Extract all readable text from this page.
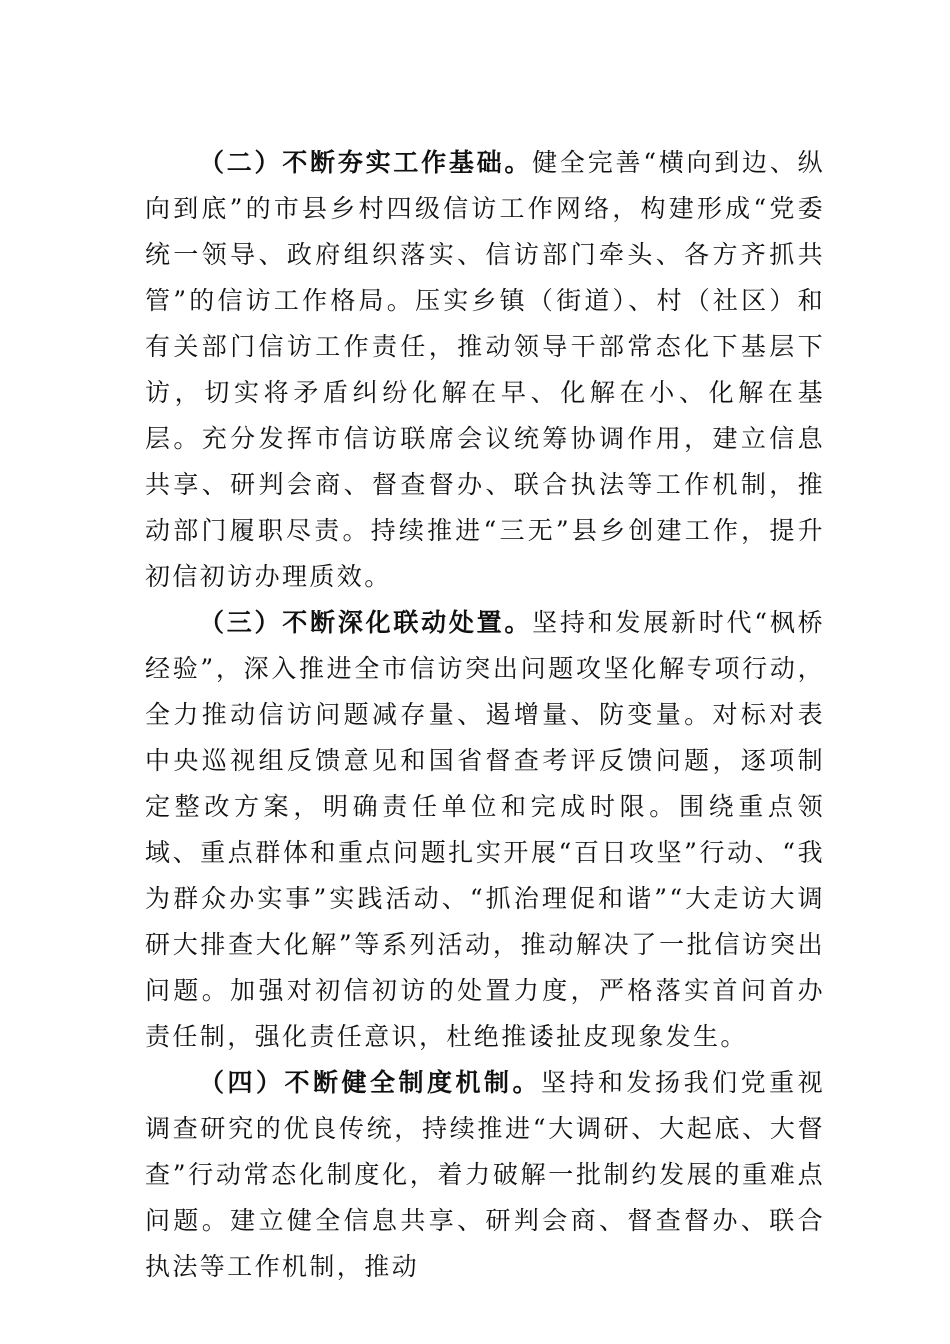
（二）不断夯实工作基础。健全完善“横向到边、纵向到底”的市县乡村四级信访工作网络，构建形成“党委统一领导、政府组织落实、信访部门牵头、各方齐抓共管”的信访工作格局。压实乡镇（街道）、村（社区）和有关部门信访工作责任，推动领导干部常态化下基层下访，切实将矛盾纠纷化解在早、化解在小、化解在基层。充分发挥市信访联席会议统筹协调作用，建立信息共享、研判会商、督查督办、联合执法等工作机制，推动部门履职尽责。持续推进“三无”县乡创建工作，提升初信初访办理质效。

（三）不断深化联动处置。坚持和发展新时代“枫桥经验”，深入推进全市信访突出问题攻坚化解专项行动，全力推动信访问题减存量、遏增量、防变量。对标对表中央巡视组反馈意见和国省督查考评反馈问题，逐项制定整改方案，明确责任单位和完成时限。围绕重点领域、重点群体和重点问题扎实开展“百日攻坚”行动、“我为群众办实事”实践活动、“抓治理促和谐”“大走访大调研大排查大化解”等系列活动，推动解决了一批信访突出问题。加强对初信初访的处置力度，严格落实首问首办责任制，强化责任意识，杜绝推诿扯皮现象发生。

（四）不断健全制度机制。坚持和发扬我们党重视调查研究的优良传统，持续推进“大调研、大起底、大督查”行动常态化制度化，着力破解一批制约发展的重难点问题。建立健全信息共享、研判会商、督查督办、联合执法等工作机制，推动
